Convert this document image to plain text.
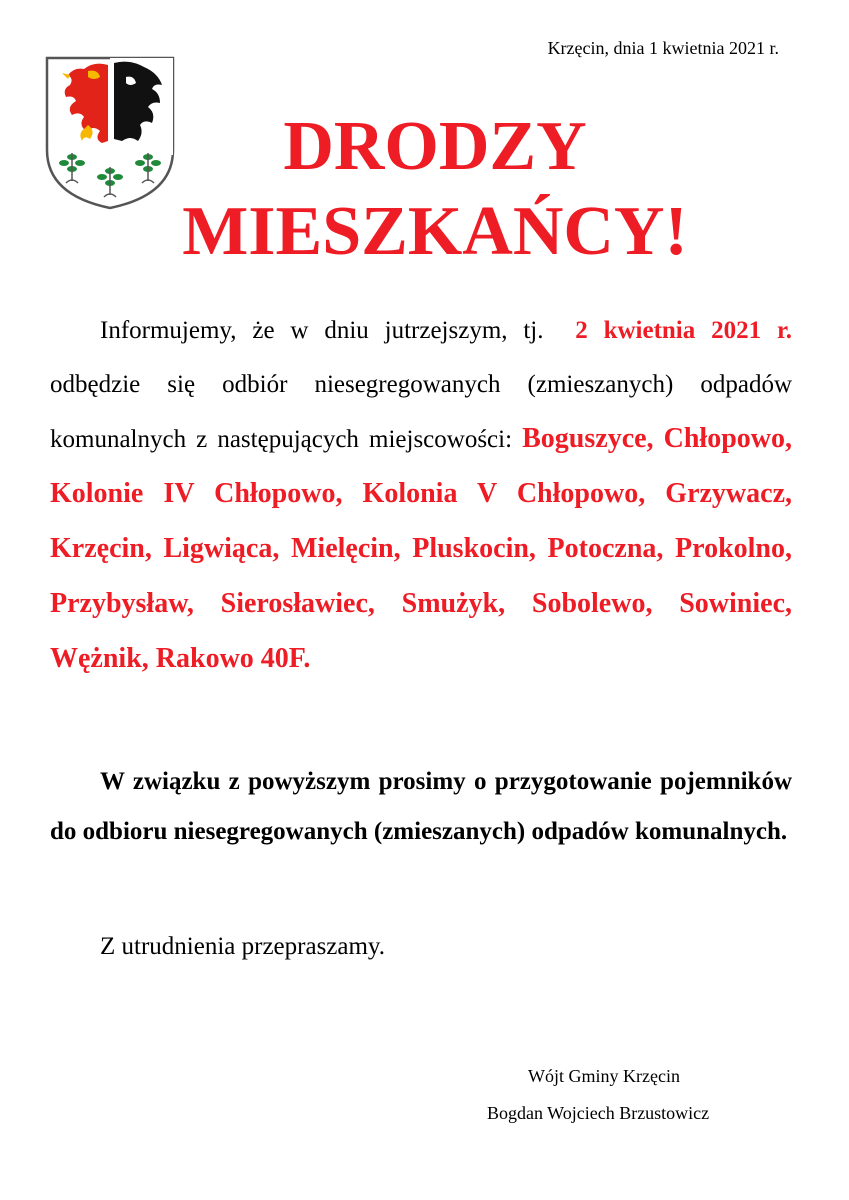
Krzęcin, dnia 1 kwietnia 2021 r.
DRODZY
MIESZKAŃCY!
Informujemy, że w dniu jutrzejszym, tj. 2 kwietnia 2021 r. odbędzie się odbiór niesegregowanych (zmieszanych) odpadów komunalnych z następujących miejscowości: Boguszyce, Chłopowo, Kolonie IV Chłopowo, Kolonia V Chłopowo, Grzywacz, Krzęcin, Ligwiąca, Mielęcin, Pluskocin, Potoczna, Prokolno, Przybysław, Sierosławiec, Smużyk, Sobolewo, Sowiniec, Wężnik, Rakowo 40F.
W związku z powyższym prosimy o przygotowanie pojemników do odbioru niesegregowanych (zmieszanych) odpadów komunalnych.
Z utrudnienia przepraszamy.
Wójt Gminy Krzęcin
Bogdan Wojciech Brzustowicz
